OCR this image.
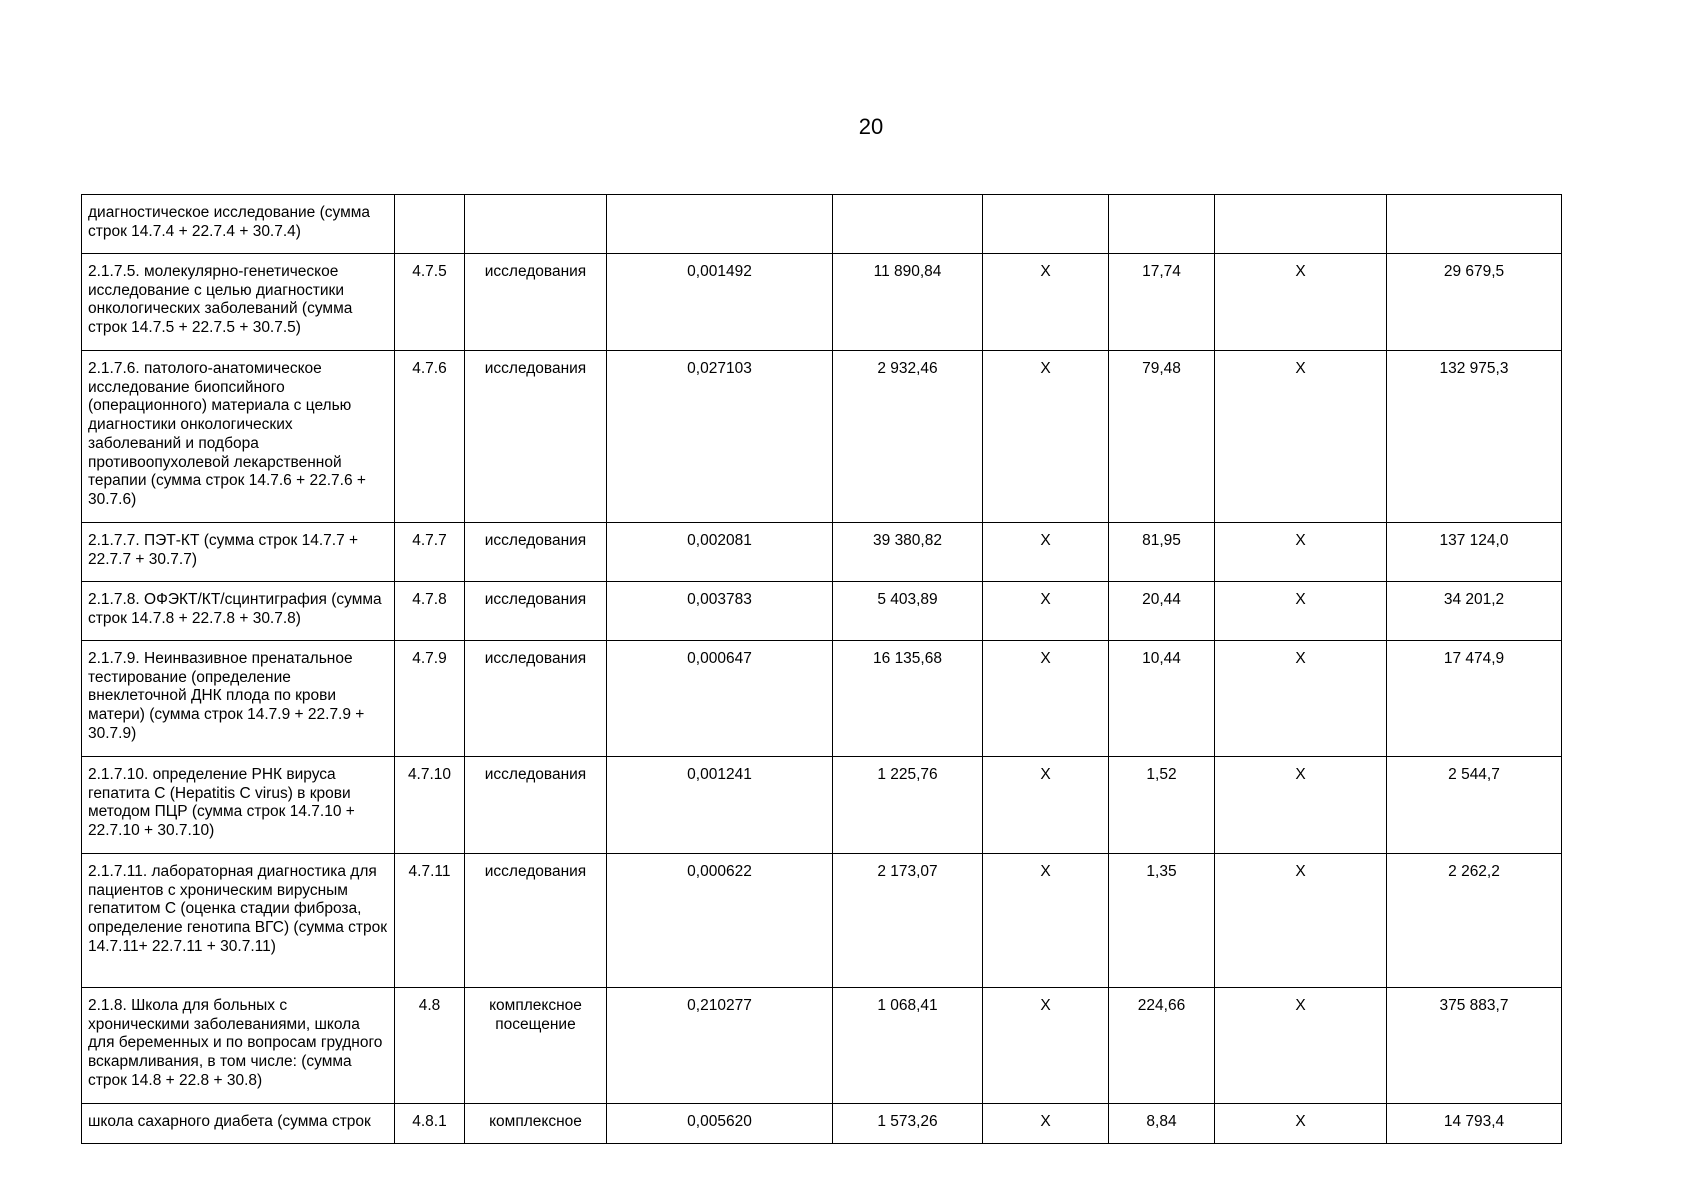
20
диагностическое исследование (сумма строк 14.7.4 + 22.7.4 + 30.7.4)								
2.1.7.5. молекулярно-генетическое исследование с целью диагностики онкологических заболеваний (сумма строк 14.7.5 + 22.7.5 + 30.7.5)	4.7.5	исследования	0,001492	11 890,84	X	17,74	X	29 679,5
2.1.7.6. патолого-анатомическое исследование биопсийного (операционного) материала с целью диагностики онкологических заболеваний и подбора противоопухолевой лекарственной терапии (сумма строк 14.7.6 + 22.7.6 + 30.7.6)	4.7.6	исследования	0,027103	2 932,46	X	79,48	X	132 975,3
2.1.7.7. ПЭТ-КТ (сумма строк 14.7.7 + 22.7.7 + 30.7.7)	4.7.7	исследования	0,002081	39 380,82	X	81,95	X	137 124,0
2.1.7.8. ОФЭКТ/КТ/сцинтиграфия (сумма строк 14.7.8 + 22.7.8 + 30.7.8)	4.7.8	исследования	0,003783	5 403,89	X	20,44	X	34 201,2
2.1.7.9. Неинвазивное пренатальное тестирование (определение внеклеточной ДНК плода по крови матери) (сумма строк 14.7.9 + 22.7.9 + 30.7.9)	4.7.9	исследования	0,000647	16 135,68	X	10,44	X	17 474,9
2.1.7.10. определение РНК вируса гепатита С (Hepatitis C virus) в крови методом ПЦР (сумма строк 14.7.10 + 22.7.10 + 30.7.10)	4.7.10	исследования	0,001241	1 225,76	X	1,52	X	2 544,7
2.1.7.11. лабораторная диагностика для пациентов с хроническим вирусным гепатитом С (оценка стадии фиброза, определение генотипа ВГС) (сумма строк 14.7.11+ 22.7.11 + 30.7.11)	4.7.11	исследования	0,000622	2 173,07	X	1,35	X	2 262,2
2.1.8. Школа для больных с хроническими заболеваниями, школа для беременных и по вопросам грудного вскармливания, в том числе: (сумма строк 14.8 + 22.8 + 30.8)	4.8	комплексное посещение	0,210277	1 068,41	X	224,66	X	375 883,7
школа сахарного диабета (сумма строк	4.8.1	комплексное	0,005620	1 573,26	X	8,84	X	14 793,4
